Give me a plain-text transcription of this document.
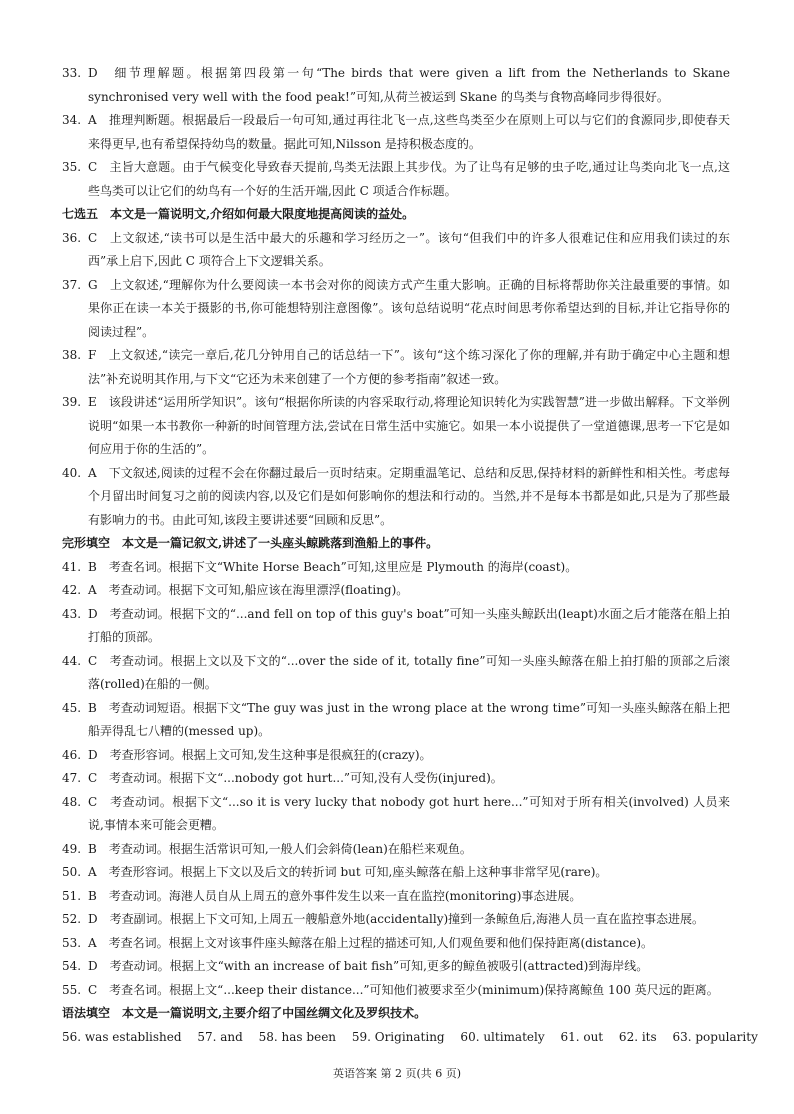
33. D　细节理解题。根据第四段第一句“The birds that were given a lift from the Netherlands to Skane synchronised very well with the food peak!”可知,从荷兰被运到 Skane 的鸟类与食物高峰同步得很好。

34. A　推理判断题。根据最后一段最后一句可知,通过再往北飞一点,这些鸟类至少在原则上可以与它们的食源同步,即使春天来得更早,也有希望保持幼鸟的数量。据此可知,Nilsson 是持积极态度的。

35. C　主旨大意题。由于气候变化导致春天提前,鸟类无法跟上其步伐。为了让鸟有足够的虫子吃,通过让鸟类向北飞一点,这些鸟类可以让它们的幼鸟有一个好的生活开端,因此 C 项适合作标题。

七选五　本文是一篇说明文,介绍如何最大限度地提高阅读的益处。

36. C　上文叙述,“读书可以是生活中最大的乐趣和学习经历之一”。该句“但我们中的许多人很难记住和应用我们读过的东西”承上启下,因此 C 项符合上下文逻辑关系。

37. G　上文叙述,“理解你为什么要阅读一本书会对你的阅读方式产生重大影响。正确的目标将帮助你关注最重要的事情。如果你正在读一本关于摄影的书,你可能想特别注意图像”。该句总结说明“花点时间思考你希望达到的目标,并让它指导你的阅读过程”。

38. F　上文叙述,“读完一章后,花几分钟用自己的话总结一下”。该句“这个练习深化了你的理解,并有助于确定中心主题和想法”补充说明其作用,与下文“它还为未来创建了一个方便的参考指南”叙述一致。

39. E　该段讲述“运用所学知识”。该句“根据你所读的内容采取行动,将理论知识转化为实践智慧”进一步做出解释。下文举例说明“如果一本书教你一种新的时间管理方法,尝试在日常生活中实施它。如果一本小说提供了一堂道德课,思考一下它是如何应用于你的生活的”。

40. A　下文叙述,阅读的过程不会在你翻过最后一页时结束。定期重温笔记、总结和反思,保持材料的新鲜性和相关性。考虑每个月留出时间复习之前的阅读内容,以及它们是如何影响你的想法和行动的。当然,并不是每本书都是如此,只是为了那些最有影响力的书。由此可知,该段主要讲述要“回顾和反思”。

完形填空　本文是一篇记叙文,讲述了一头座头鲸跳落到渔船上的事件。

41. B　考查名词。根据下文“White Horse Beach”可知,这里应是 Plymouth 的海岸(coast)。

42. A　考查动词。根据下文可知,船应该在海里漂浮(floating)。

43. D　考查动词。根据下文的“...and fell on top of this guy's boat”可知一头座头鲸跃出(leapt)水面之后才能落在船上拍打船的顶部。

44. C　考查动词。根据上文以及下文的“...over the side of it, totally fine”可知一头座头鲸落在船上拍打船的顶部之后滚落(rolled)在船的一侧。

45. B　考查动词短语。根据下文“The guy was just in the wrong place at the wrong time”可知一头座头鲸落在船上把船弄得乱七八糟的(messed up)。

46. D　考查形容词。根据上文可知,发生这种事是很疯狂的(crazy)。

47. C　考查动词。根据下文“...nobody got hurt...”可知,没有人受伤(injured)。

48. C　考查动词。根据下文“...so it is very lucky that nobody got hurt here...”可知对于所有相关(involved) 人员来说,事情本来可能会更糟。

49. B　考查动词。根据生活常识可知,一般人们会斜倚(lean)在船栏来观鱼。

50. A　考查形容词。根据上下文以及后文的转折词 but 可知,座头鲸落在船上这种事非常罕见(rare)。

51. B　考查动词。海港人员自从上周五的意外事件发生以来一直在监控(monitoring)事态进展。

52. D　考查副词。根据上下文可知,上周五一艘船意外地(accidentally)撞到一条鲸鱼后,海港人员一直在监控事态进展。

53. A　考查名词。根据上文对该事件座头鲸落在船上过程的描述可知,人们观鱼要和他们保持距离(distance)。

54. D　考查动词。根据上文“with an increase of bait fish”可知,更多的鲸鱼被吸引(attracted)到海岸线。

55. C　考查名词。根据上文“...keep their distance...”可知他们被要求至少(minimum)保持离鲸鱼 100 英尺远的距离。

语法填空　本文是一篇说明文,主要介绍了中国丝绸文化及罗织技术。

56. was established　 57. and　 58. has been　 59. Originating　 60. ultimately　 61. out　 62. its　 63. popularity

英语答案 第 2 页(共 6 页)
